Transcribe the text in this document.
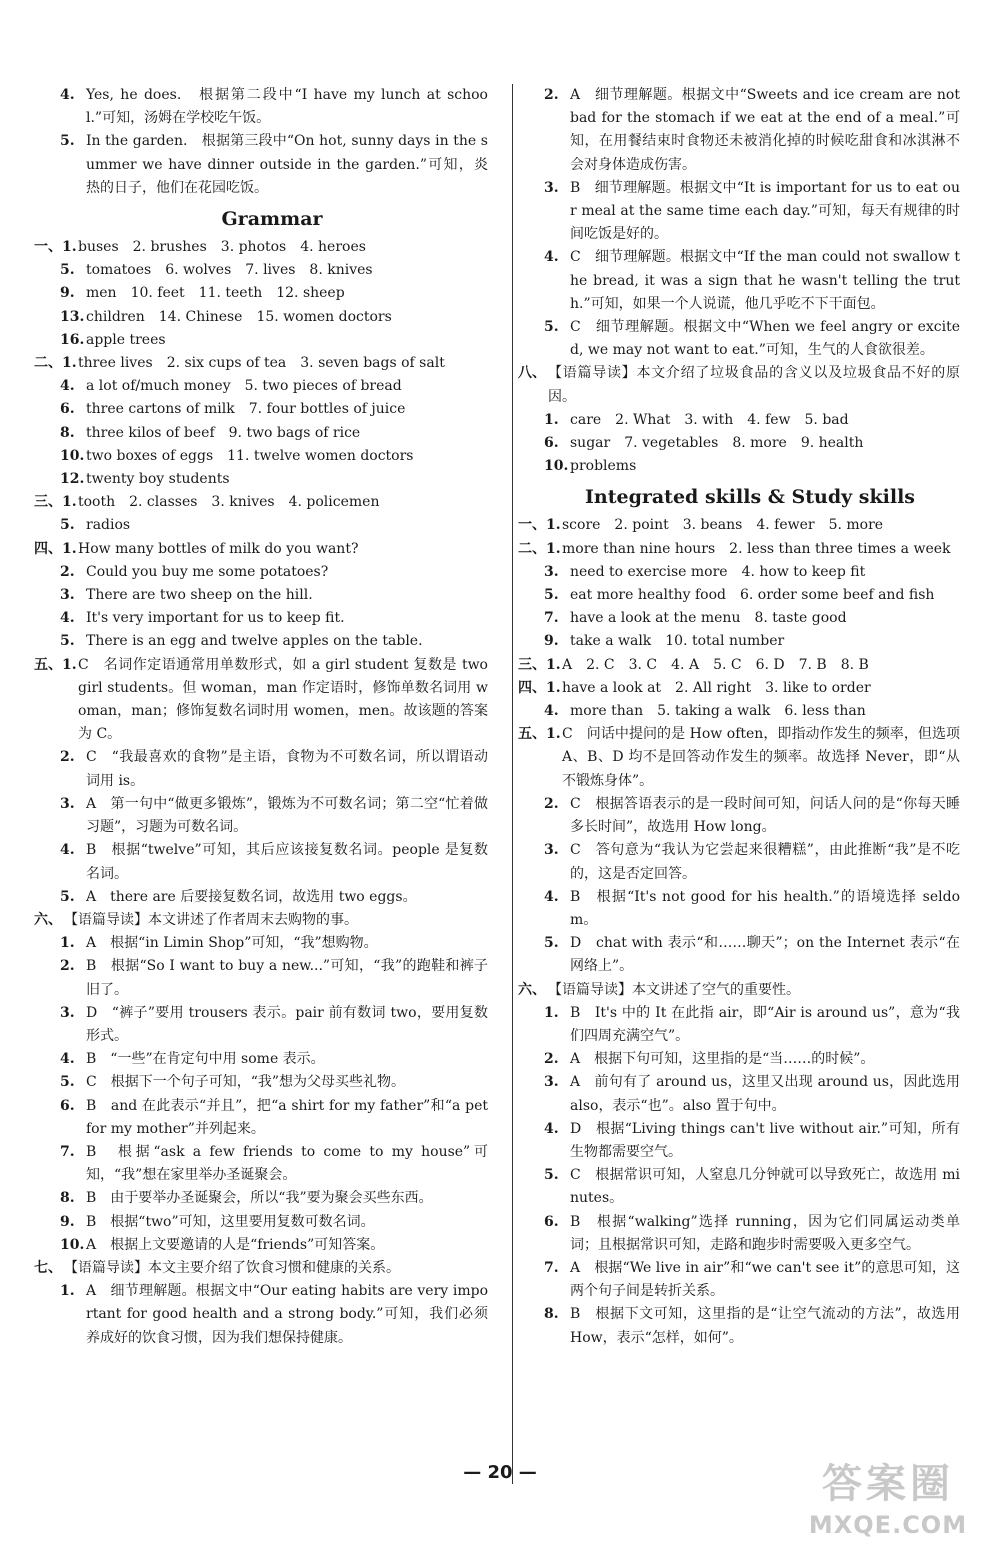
4. Yes, he does.　根据第二段中“I have my lunch at school.”可知，汤姆在学校吃午饭。
5. In the garden.　根据第三段中“On hot, sunny days in the summer we have dinner outside in the garden.”可知，炎热的日子，他们在花园吃饭。
Grammar
一、1. buses　2. brushes　3. photos　4. heroes
5. tomatoes　6. wolves　7. lives　8. knives
9. men　10. feet　11. teeth　12. sheep
13. children　14. Chinese　15. women doctors
16. apple trees
二、1. three lives　2. six cups of tea　3. seven bags of salt
4. a lot of/much money　5. two pieces of bread
6. three cartons of milk　7. four bottles of juice
8. three kilos of beef　9. two bags of rice
10. two boxes of eggs　11. twelve women doctors
12. twenty boy students
三、1. tooth　2. classes　3. knives　4. policemen
5. radios
四、1. How many bottles of milk do you want?
2. Could you buy me some potatoes?
3. There are two sheep on the hill.
4. It's very important for us to keep fit.
5. There is an egg and twelve apples on the table.
五、1. C　名词作定语通常用单数形式，如 a girl student 复数是 two girl students。但 woman，man 作定语时，修饰单数名词用 woman，man；修饰复数名词时用 women，men。故该题的答案为 C。
2. C　“我最喜欢的食物”是主语，食物为不可数名词，所以谓语动词用 is。
3. A　第一句中“做更多锻炼”，锻炼为不可数名词；第二空“忙着做习题”，习题为可数名词。
4. B　根据“twelve”可知，其后应该接复数名词。people 是复数名词。
5. A　there are 后要接复数名词，故选用 two eggs。
六、 【语篇导读】本文讲述了作者周末去购物的事。
1. A　根据“in Limin Shop”可知，“我”想购物。
2. B　根据“So I want to buy a new...”可知，“我”的跑鞋和裤子旧了。
3. D　“裤子”要用 trousers 表示。pair 前有数词 two，要用复数形式。
4. B　“一些”在肯定句中用 some 表示。
5. C　根据下一个句子可知，“我”想为父母买些礼物。
6. B　and 在此表示“并且”，把“a shirt for my father”和“a pet for my mother”并列起来。
7. B　根据“ask a few friends to come to my house”可知，“我”想在家里举办圣诞聚会。
8. B　由于要举办圣诞聚会，所以“我”要为聚会买些东西。
9. B　根据“two”可知，这里要用复数可数名词。
10. A　根据上文要邀请的人是“friends”可知答案。
七、 【语篇导读】本文主要介绍了饮食习惯和健康的关系。
1. A　细节理解题。根据文中“Our eating habits are very important for good health and a strong body.”可知，我们必须养成好的饮食习惯，因为我们想保持健康。
2. A　细节理解题。根据文中“Sweets and ice cream are not bad for the stomach if we eat at the end of a meal.”可知，在用餐结束时食物还未被消化掉的时候吃甜食和冰淇淋不会对身体造成伤害。
3. B　细节理解题。根据文中“It is important for us to eat our meal at the same time each day.”可知，每天有规律的时间吃饭是好的。
4. C　细节理解题。根据文中“If the man could not swallow the bread, it was a sign that he wasn't telling the truth.”可知，如果一个人说谎，他几乎吃不下干面包。
5. C　细节理解题。根据文中“When we feel angry or excited, we may not want to eat.”可知，生气的人食欲很差。
八、 【语篇导读】本文介绍了垃圾食品的含义以及垃圾食品不好的原因。
1. care　2. What　3. with　4. few　5. bad
6. sugar　7. vegetables　8. more　9. health
10. problems
Integrated skills & Study skills
一、1. score　2. point　3. beans　4. fewer　5. more
二、1. more than nine hours　2. less than three times a week
3. need to exercise more　4. how to keep fit
5. eat more healthy food　6. order some beef and fish
7. have a look at the menu　8. taste good
9. take a walk　10. total number
三、1. A　2. C　3. C　4. A　5. C　6. D　7. B　8. B
四、1. have a look at　2. All right　3. like to order
4. more than　5. taking a walk　6. less than
五、1. C　问话中提问的是 How often，即指动作发生的频率，但选项 A、B、D 均不是回答动作发生的频率。故选择 Never，即“从不锻炼身体”。
2. C　根据答语表示的是一段时间可知，问话人问的是“你每天睡多长时间”，故选用 How long。
3. C　答句意为“我认为它尝起来很糟糕”，由此推断“我”是不吃的，这是否定回答。
4. B　根据“It's not good for his health.”的语境选择 seldom。
5. D　chat with 表示“和……聊天”；on the Internet 表示“在网络上”。
六、 【语篇导读】本文讲述了空气的重要性。
1. B　It's 中的 It 在此指 air，即“Air is around us”，意为“我们四周充满空气”。
2. A　根据下句可知，这里指的是“当……的时候”。
3. A　前句有了 around us，这里又出现 around us，因此选用 also，表示“也”。also 置于句中。
4. D　根据“Living things can't live without air.”可知，所有生物都需要空气。
5. C　根据常识可知，人窒息几分钟就可以导致死亡，故选用 minutes。
6. B　根据“walking”选择 running，因为它们同属运动类单词；且根据常识可知，走路和跑步时需要吸入更多空气。
7. A　根据“We live in air”和“we can't see it”的意思可知，这两个句子间是转折关系。
8. B　根据下文可知，这里指的是“让空气流动的方法”，故选用 How，表示“怎样，如何”。
— 20 —	答案圈
MXQE.COM
